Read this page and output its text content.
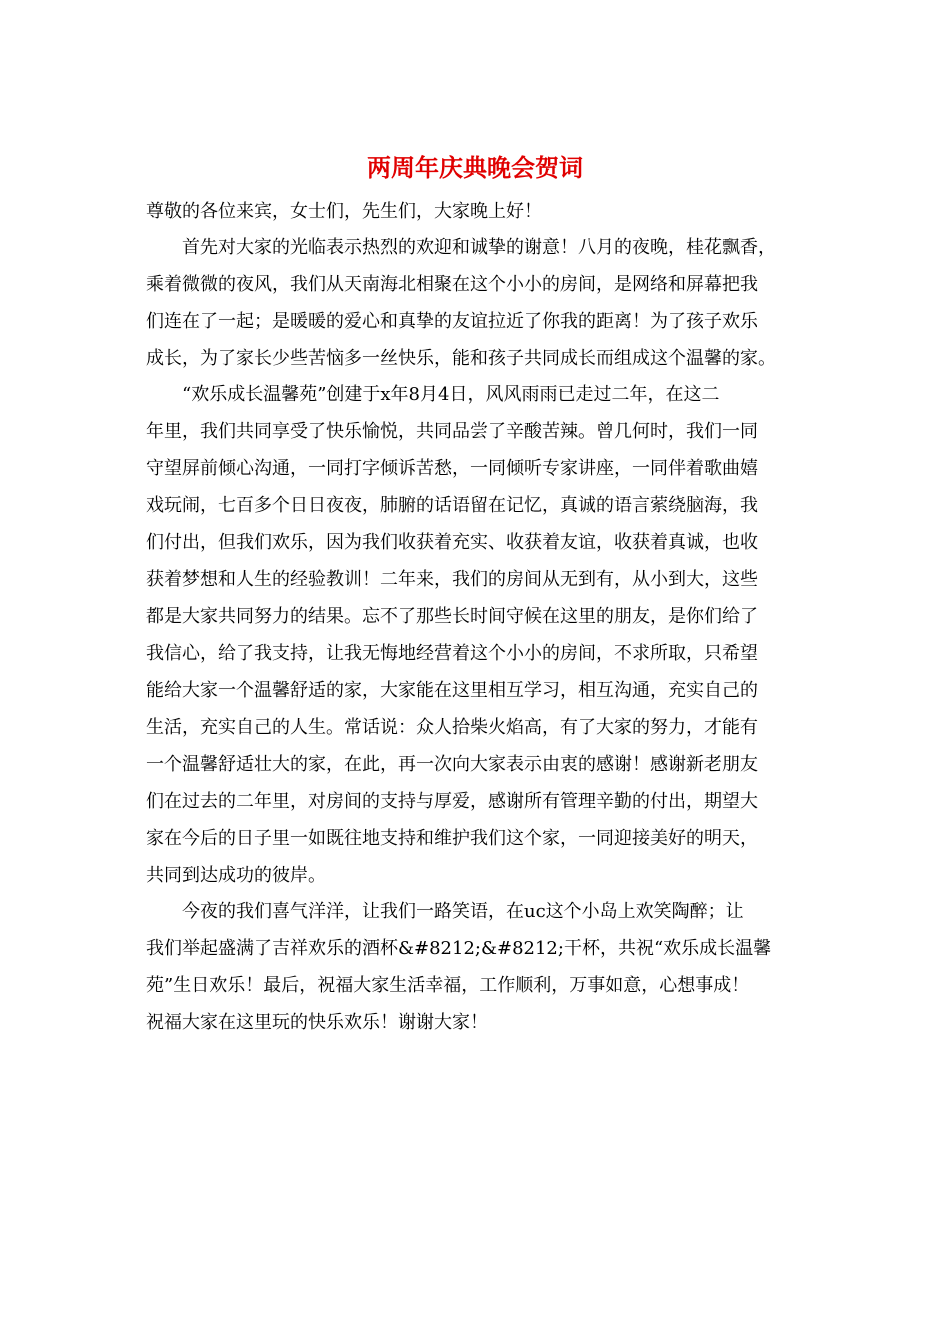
两周年庆典晚会贺词
尊敬的各位来宾，女士们，先生们，大家晚上好！
首先对大家的光临表示热烈的欢迎和诚挚的谢意！八月的夜晚，桂花飘香，
乘着微微的夜风，我们从天南海北相聚在这个小小的房间，是网络和屏幕把我
们连在了一起；是暖暖的爱心和真挚的友谊拉近了你我的距离！为了孩子欢乐
成长，为了家长少些苦恼多一丝快乐，能和孩子共同成长而组成这个温馨的家。
“欢乐成长温馨苑”创建于x年8月4日，风风雨雨已走过二年，在这二
年里，我们共同享受了快乐愉悦，共同品尝了辛酸苦辣。曾几何时，我们一同
守望屏前倾心沟通，一同打字倾诉苦愁，一同倾听专家讲座，一同伴着歌曲嬉
戏玩闹，七百多个日日夜夜，肺腑的话语留在记忆，真诚的语言萦绕脑海，我
们付出，但我们欢乐，因为我们收获着充实、收获着友谊，收获着真诚，也收
获着梦想和人生的经验教训！二年来，我们的房间从无到有，从小到大，这些
都是大家共同努力的结果。忘不了那些长时间守候在这里的朋友，是你们给了
我信心，给了我支持，让我无悔地经营着这个小小的房间，不求所取，只希望
能给大家一个温馨舒适的家，大家能在这里相互学习，相互沟通，充实自己的
生活，充实自己的人生。常话说：众人拾柴火焰高，有了大家的努力，才能有
一个温馨舒适壮大的家，在此，再一次向大家表示由衷的感谢！感谢新老朋友
们在过去的二年里，对房间的支持与厚爱，感谢所有管理辛勤的付出，期望大
家在今后的日子里一如既往地支持和维护我们这个家，一同迎接美好的明天，
共同到达成功的彼岸。
今夜的我们喜气洋洋，让我们一路笑语，在uc这个小岛上欢笑陶醉；让
我们举起盛满了吉祥欢乐的酒杯&#8212;&#8212;干杯，共祝“欢乐成长温馨
苑”生日欢乐！最后，祝福大家生活幸福，工作顺利，万事如意，心想事成！
祝福大家在这里玩的快乐欢乐！谢谢大家！
